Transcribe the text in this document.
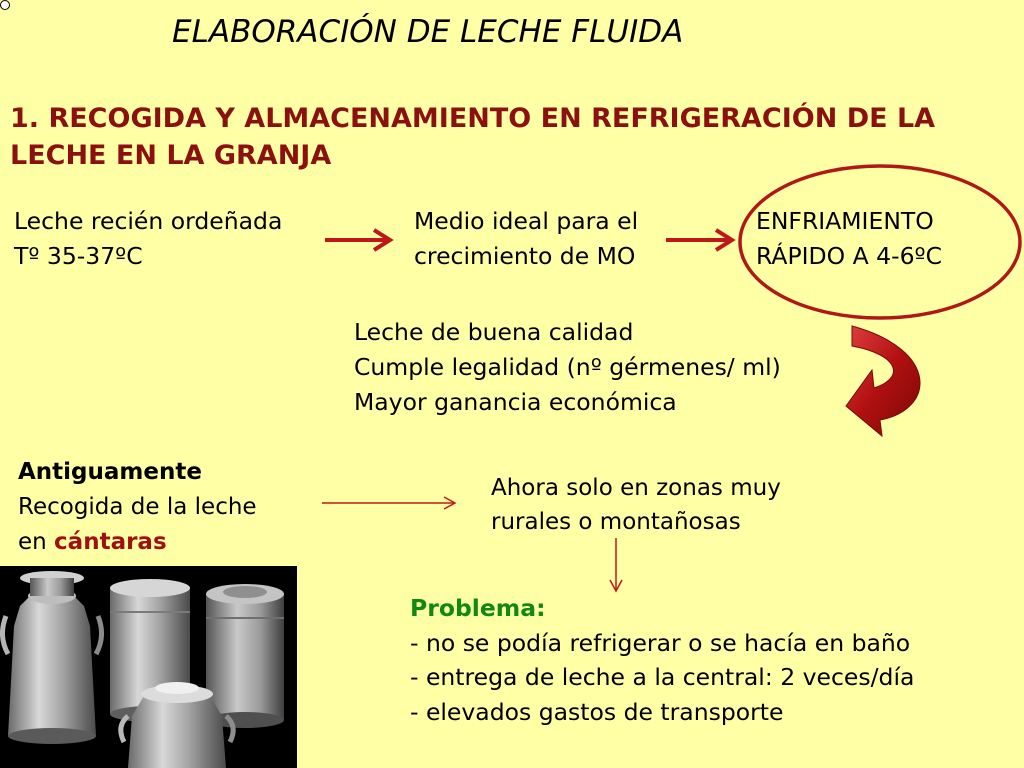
ELABORACIÓN DE LECHE FLUIDA
1. RECOGIDA Y ALMACENAMIENTO EN REFRIGERACIÓN DE LA LECHE EN LA GRANJA
Leche recién ordeñada
Tº 35-37ºC
Medio ideal para el
crecimiento de MO
ENFRIAMIENTO
RÁPIDO A 4-6ºC
Leche de buena calidad
Cumple legalidad (nº gérmenes/ ml)
Mayor ganancia económica
Antiguamente
Recogida de la leche
en cántaras
Ahora solo en zonas muy
rurales o montañosas
Problema:
- no se podía refrigerar o se hacía en baño
- entrega de leche a la central: 2 veces/día
- elevados gastos de transporte
